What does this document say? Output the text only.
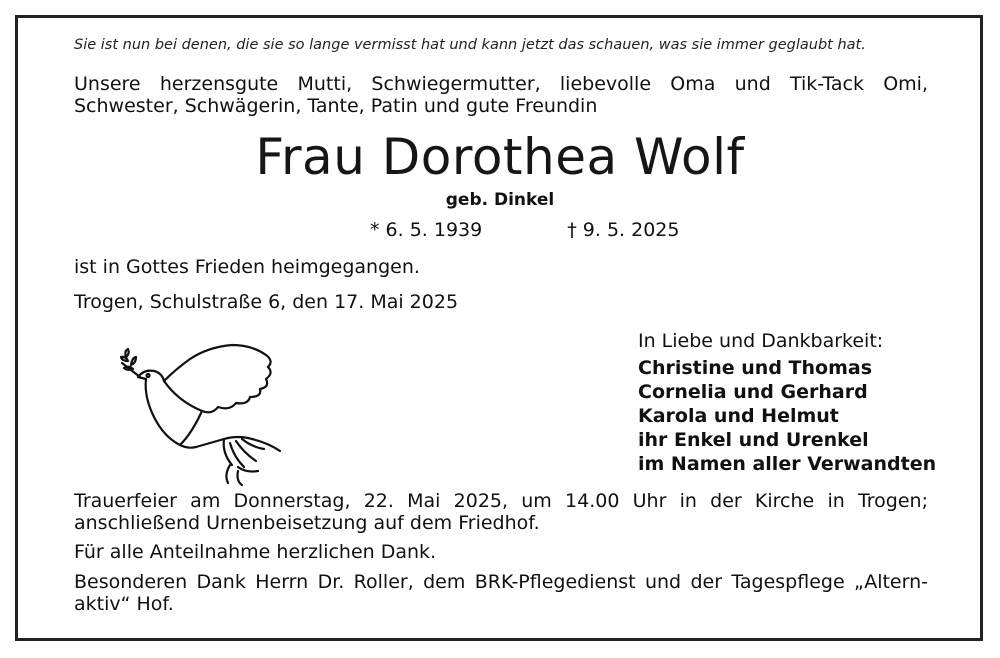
Sie ist nun bei denen, die sie so lange vermisst hat und kann jetzt das schauen, was sie immer geglaubt hat.
Unsere herzensgute Mutti, Schwiegermutter, liebevolle Oma und Tik-Tack Omi,
Schwester, Schwägerin, Tante, Patin und gute Freundin
Frau Dorothea Wolf
geb. Dinkel
* 6. 5. 1939	† 9. 5. 2025
ist in Gottes Frieden heimgegangen.
Trogen, Schulstraße 6, den 17. Mai 2025
In Liebe und Dankbarkeit:
Christine und Thomas
Cornelia und Gerhard
Karola und Helmut
ihr Enkel und Urenkel
im Namen aller Verwandten
Trauerfeier am Donnerstag, 22. Mai 2025, um 14.00 Uhr in der Kirche in Trogen;
anschließend Urnenbeisetzung auf dem Friedhof.
Für alle Anteilnahme herzlichen Dank.
Besonderen Dank Herrn Dr. Roller, dem BRK-Pflegedienst und der Tagespflege „Altern-
aktiv“ Hof.
